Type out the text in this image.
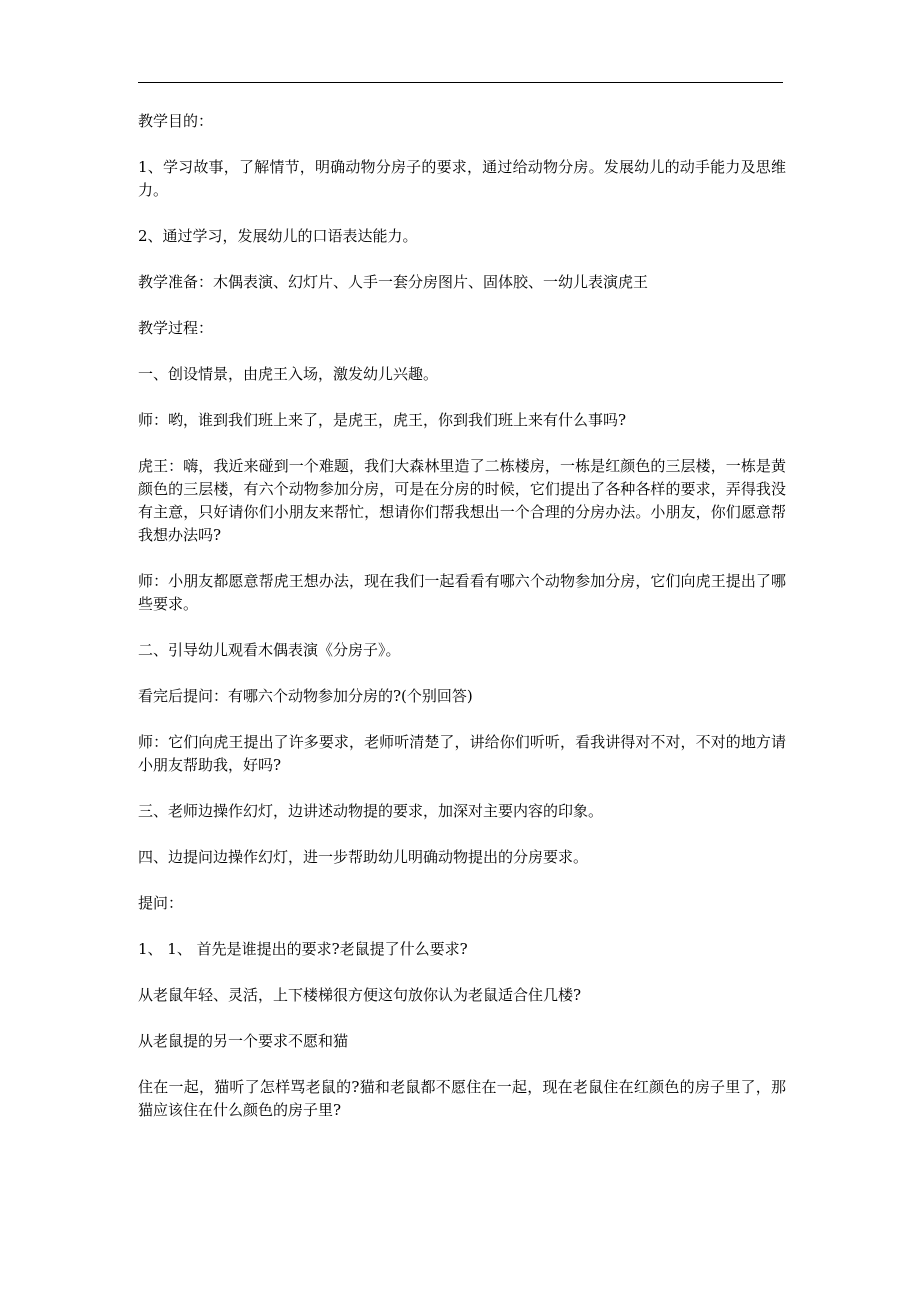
教学目的：

1、学习故事，了解情节，明确动物分房子的要求，通过给动物分房。发展幼儿的动手能力及思维力。

2、通过学习，发展幼儿的口语表达能力。

教学准备：木偶表演、幻灯片、人手一套分房图片、固体胶、一幼儿表演虎王

教学过程：

一、创设情景，由虎王入场，激发幼儿兴趣。

师：哟，谁到我们班上来了，是虎王，虎王，你到我们班上来有什么事吗?

虎王：嗨，我近来碰到一个难题，我们大森林里造了二栋楼房，一栋是红颜色的三层楼，一栋是黄颜色的三层楼，有六个动物参加分房，可是在分房的时候，它们提出了各种各样的要求，弄得我没有主意，只好请你们小朋友来帮忙，想请你们帮我想出一个合理的分房办法。小朋友，你们愿意帮我想办法吗?

师：小朋友都愿意帮虎王想办法，现在我们一起看看有哪六个动物参加分房，它们向虎王提出了哪些要求。

二、引导幼儿观看木偶表演《分房子》。

看完后提问：有哪六个动物参加分房的?(个别回答)

师：它们向虎王提出了许多要求，老师听清楚了，讲给你们听听，看我讲得对不对，不对的地方请小朋友帮助我，好吗?

三、老师边操作幻灯，边讲述动物提的要求，加深对主要内容的印象。

四、边提问边操作幻灯，进一步帮助幼儿明确动物提出的分房要求。

提问：

1、 1、 首先是谁提出的要求?老鼠提了什么要求?

从老鼠年轻、灵活，上下楼梯很方便这句放你认为老鼠适合住几楼?

从老鼠提的另一个要求不愿和猫

住在一起，猫听了怎样骂老鼠的?猫和老鼠都不愿住在一起，现在老鼠住在红颜色的房子里了，那猫应该住在什么颜色的房子里?
